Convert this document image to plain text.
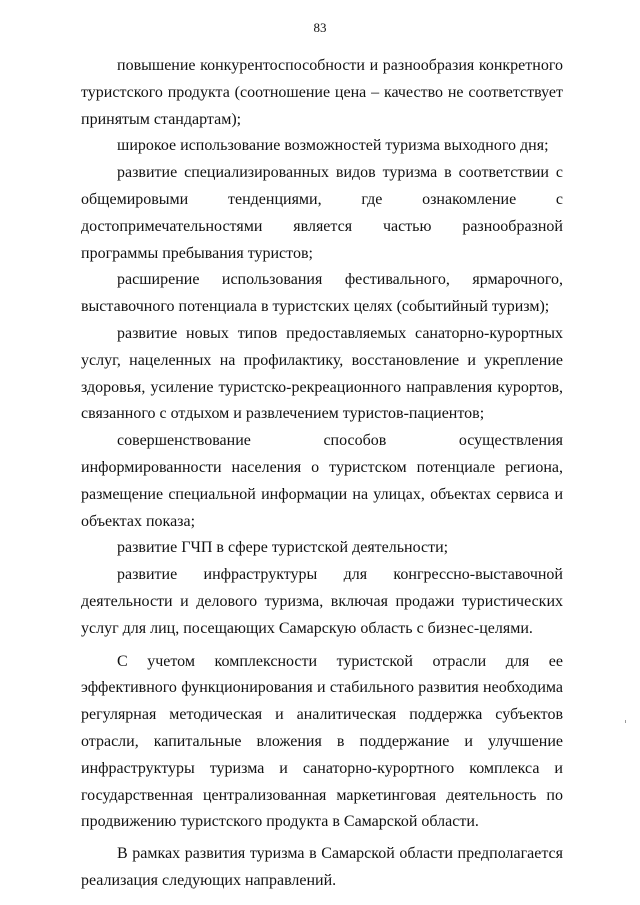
83

повышение конкурентоспособности и разнообразия конкретного туристского продукта (соотношение цена – качество не соответствует принятым стандартам);

широкое использование возможностей туризма выходного дня;

развитие специализированных видов туризма в соответствии с общемировыми тенденциями, где ознакомление с достопримечательностями является частью разнообразной программы пребывания туристов;

расширение использования фестивального, ярмарочного, выставочного потенциала в туристских целях (событийный туризм);

развитие новых типов предоставляемых санаторно-курортных услуг, нацеленных на профилактику, восстановление и укрепление здоровья, усиление туристско-рекреационного направления курортов, связанного с отдыхом и развлечением туристов-пациентов;

совершенствование способов осуществления информированности населения о туристском потенциале региона, размещение специальной информации на улицах, объектах сервиса и объектах показа;

развитие ГЧП в сфере туристской деятельности;

развитие инфраструктуры для конгрессно-выставочной деятельности и делового туризма, включая продажи туристических услуг для лиц, посещающих Самарскую область с бизнес-целями.

С учетом комплексности туристской отрасли для ее эффективного функционирования и стабильного развития необходима регулярная методическая и аналитическая поддержка субъектов отрасли, капитальные вложения в поддержание и улучшение инфраструктуры туризма и санаторно-курортного комплекса и государственная централизованная маркетинговая деятельность по продвижению туристского продукта в Самарской области.

В рамках развития туризма в Самарской области предполагается реализация следующих направлений.
